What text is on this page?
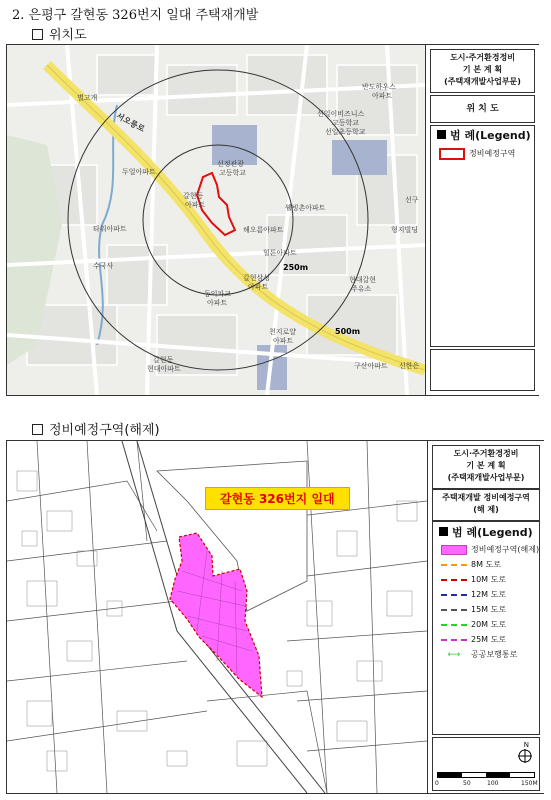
2. 은평구 갈현동 326번지 일대 주택재개발
위치도
별고개
서오릉로
두얼아파트
타워아파트
수국사
반도하우스
아파트
선일이비즈니스
고등학교
선일초등학교
선정관광
고등학교
갈현동
아파트	웰빙촌아파트
해오름아파트
힐튼아파트
갈현삼성
아파트
동익파크
아파트
형지빌딩
현대갈현
주유소
천지로얄
아파트
갈현동
현대아파트	구산아파트 신한은
선구
250m
500m
도시·주거환경정비
기 본 계 획
(주택재개발사업부문)
위 치 도
범 례(Legend)
정비예정구역
정비예정구역(해제)
갈현동 326번지 일대
도시·주거환경정비
기 본 계 획
(주택재개발사업부문)
주택재개발 정비예정구역
(해 제)
범 례(Legend)
정비예정구역(해제)
8M 도로
10M 도로
12M 도로
15M 도로
20M 도로
25M 도로
⟷	공공보행통로
N
0	50	100	150M
